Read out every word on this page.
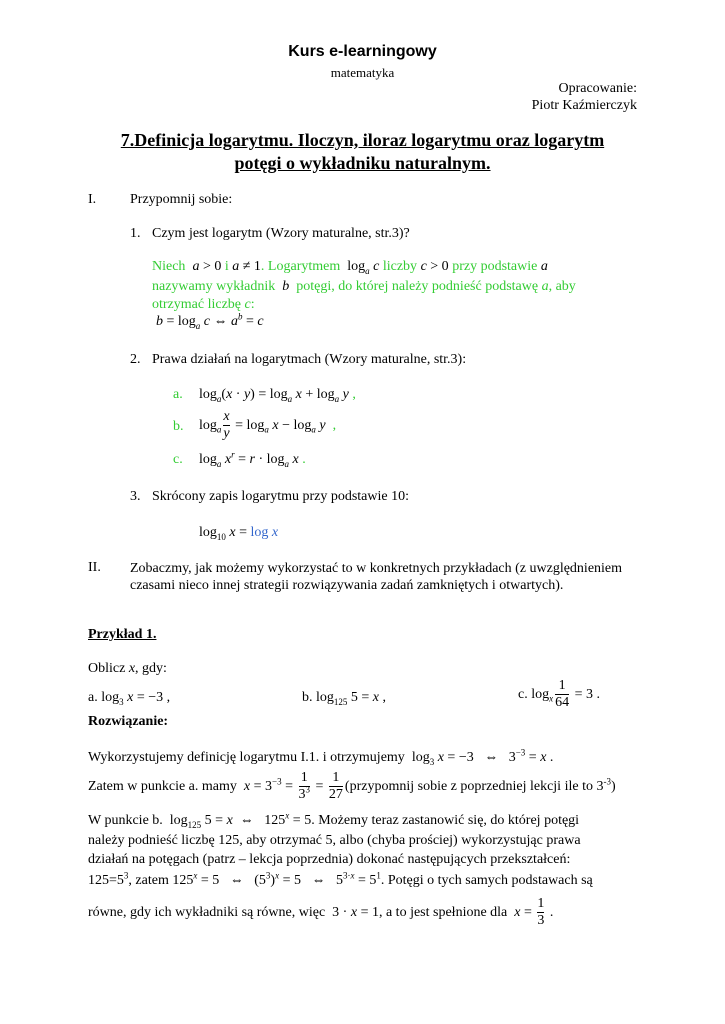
Kurs e-learningowy
matematyka
Opracowanie:
Piotr Kaźmierczyk
7.Definicja logarytmu. Iloczyn, iloraz logarytmu oraz logarytm
potęgi o wykładniku naturalnym.
I. Przypomnij sobie:
1. Czym jest logarytm (Wzory maturalne, str.3)?
Niech  a > 0 i a ≠ 1. Logarytmem  $\log_a c$ liczby c > 0 przy podstawie a
nazywamy wykładnik  b  potęgi, do której należy podnieść podstawę a, aby
otrzymać liczbę c:
$b = \log_a c$ ⇔ $a^b = c$
2. Prawa działań na logarytmach (Wzory maturalne, str.3):
a. $\log_a(x \cdot y) = \log_a x + \log_a y$ ,
b. $\log_a \frac{x}{y} = \log_a x - \log_a y$ ,
c. $\log_a x^r = r \cdot \log_a x$ .
3. Skrócony zapis logarytmu przy podstawie 10:
$\log_{10} x = \log x$
II. Zobaczmy, jak możemy wykorzystać to w konkretnych przykładach (z uwzględnieniem czasami nieco innej strategii rozwiązywania zadań zamkniętych i otwartych).
Przykład 1.
Oblicz x, gdy:
a. $\log_3 x = -3$ ,	b. $\log_{125} 5 = x$ ,	c. $\log_x \frac{1}{64} = 3$ .
Rozwiązanie:
Wykorzystujemy definicję logarytmu I.1. i otrzymujemy  $\log_3 x = -3$   ⇔   $3^{-3} = x$ .
Zatem w punkcie a. mamy $x = 3^{-3} = \frac{1}{3^3} = \frac{1}{27}$ (przypomnij sobie z poprzedniej lekcji ile to $3^{-3}$)
W punkcie b.  $\log_{125} 5 = x$  ⇔   $125^x = 5$. Możemy teraz zastanowić się, do której potęgi
należy podnieść liczbę 125, aby otrzymać 5, albo (chyba prościej) wykorzystując prawa
działań na potęgach (patrz – lekcja poprzednia) dokonać następujących przekształceń:
$125=5^3$, zatem $125^x = 5$   ⇔   $(5^3)^x = 5$   ⇔   $5^{3\cdot x} = 5^1$. Potęgi o tych samych podstawach są
równe, gdy ich wykładniki są równe, więc  3 · x = 1, a to jest spełnione dla $x = \frac{1}{3}$ .
